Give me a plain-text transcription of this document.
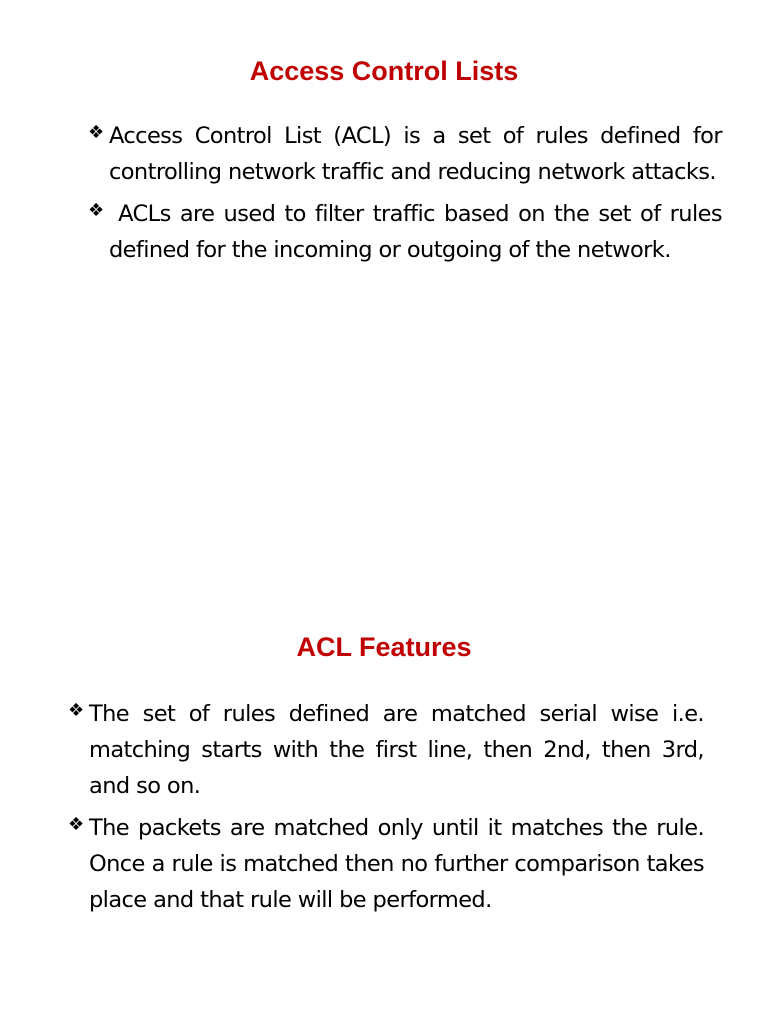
Access Control Lists
❖ Access Control List (ACL) is a set of rules defined for controlling network traffic and reducing network attacks.
❖ ACLs are used to filter traffic based on the set of rules defined for the incoming or outgoing of the network.
ACL Features
❖ The set of rules defined are matched serial wise i.e. matching starts with the first line, then 2nd, then 3rd, and so on.
❖ The packets are matched only until it matches the rule. Once a rule is matched then no further comparison takes place and that rule will be performed.
